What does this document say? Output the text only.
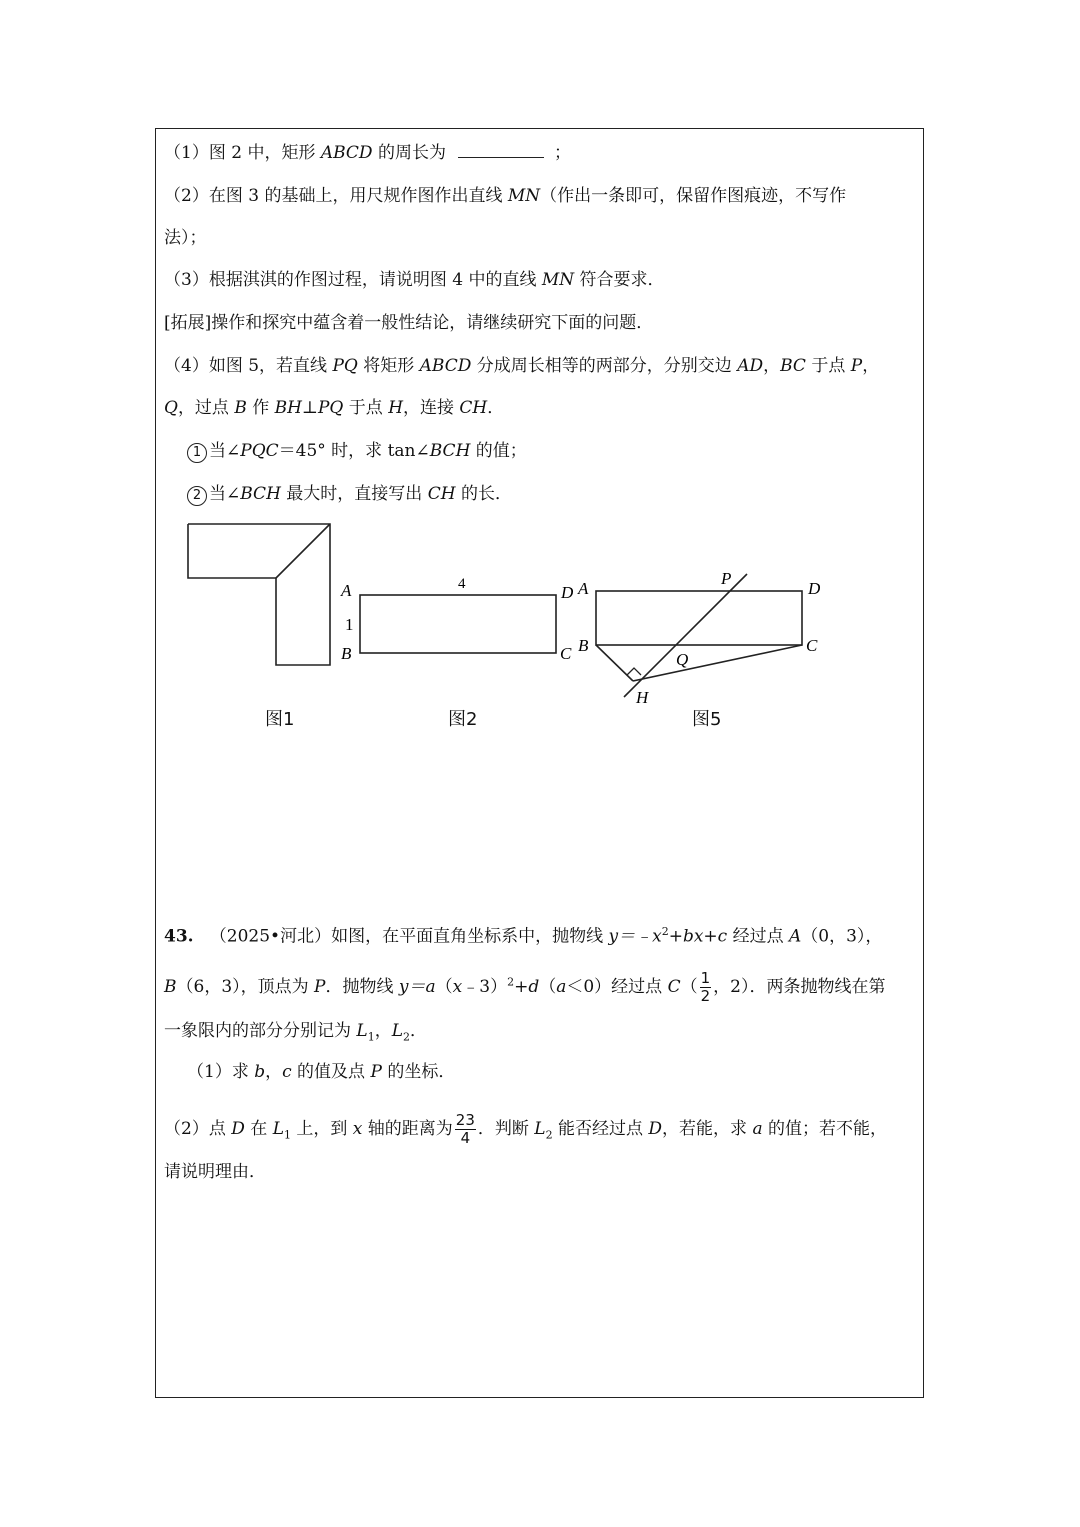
（1）图 2 中，矩形 ABCD 的周长为	；
（2）在图 3 的基础上，用尺规作图作出直线 MN（作出一条即可，保留作图痕迹，不写作
法）；
（3）根据淇淇的作图过程，请说明图 4 中的直线 MN 符合要求．
[拓展]操作和探究中蕴含着一般性结论，请继续研究下面的问题．
（4）如图 5，若直线 PQ 将矩形 ABCD 分成周长相等的两部分，分别交边 AD，BC 于点 P，
Q，过点 B 作 BH⊥PQ 于点 H，连接 CH．
1 当∠PQC＝45° 时，求 tan∠BCH 的值；
2 当∠BCH 最大时，直接写出 CH 的长．
A
B	C
D
4
1
A
B	C
D
P
Q
H
图1	图2	图5
43. （2025•河北）如图，在平面直角坐标系中，抛物线 $y=﹣x^2+bx+c$ 经过点 A（0，3），
B（6，3），顶点为 P．抛物线 y＝a（x﹣3）$^2$+d（a＜0）经过点 $C( \frac{1}{2}$ ，2）．两条抛物线在第
一象限内的部分分别记为 $L_1$，$L_2$．
（1）求 b，c 的值及点 P 的坐标．
（2）点 D 在 $L_1$ 上，到 x 轴的距离为 $\frac{23}{4}$ ．判断 $L_2$ 能否经过点 D，若能，求 a 的值；若不能，
请说明理由．
